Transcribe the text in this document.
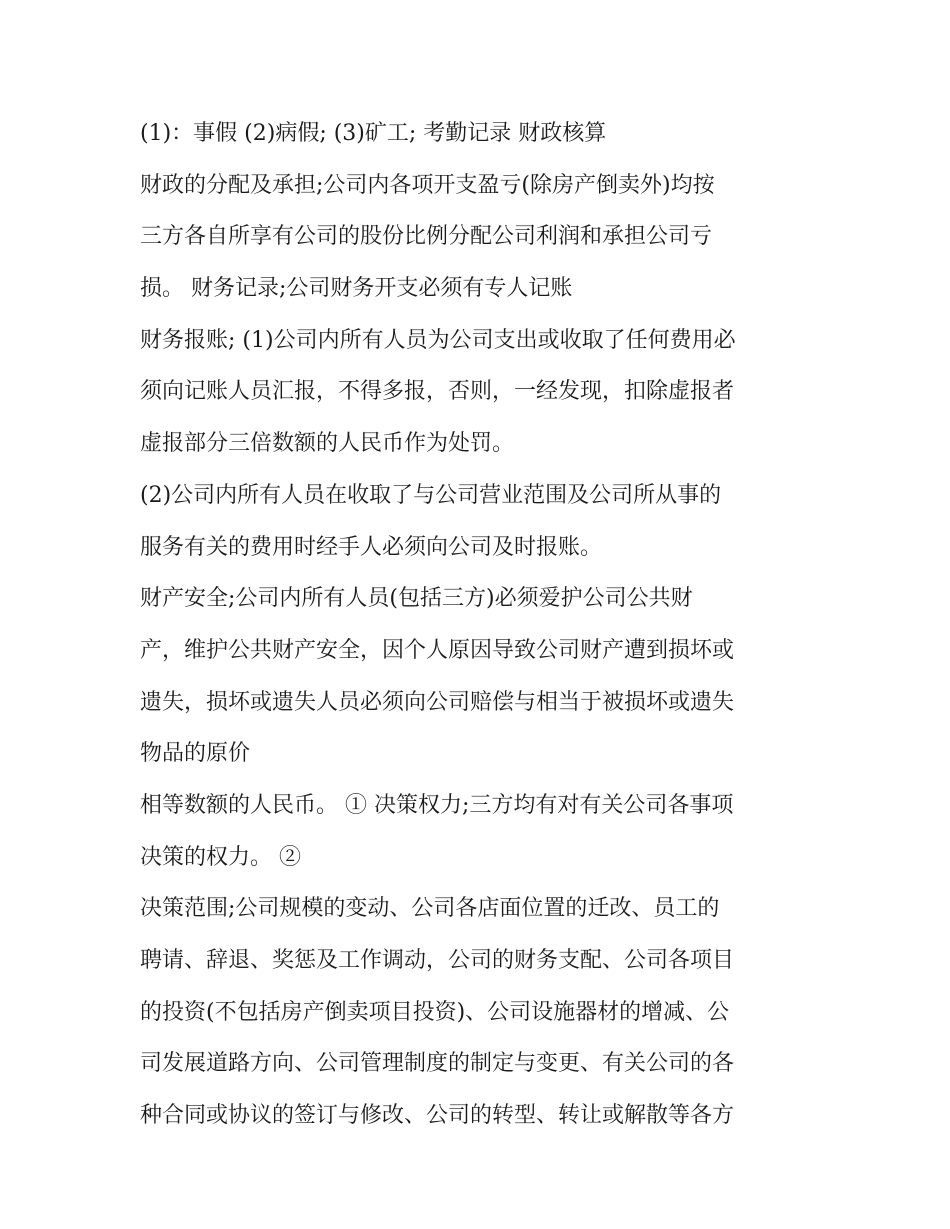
(1)：事假 (2)病假; (3)矿工; 考勤记录 财政核算
财政的分配及承担;公司内各项开支盈亏(除房产倒卖外)均按
三方各自所享有公司的股份比例分配公司利润和承担公司亏
损。 财务记录;公司财务开支必须有专人记账
财务报账; (1)公司内所有人员为公司支出或收取了任何费用必
须向记账人员汇报，不得多报，否则，一经发现，扣除虚报者
虚报部分三倍数额的人民币作为处罚。
(2)公司内所有人员在收取了与公司营业范围及公司所从事的
服务有关的费用时经手人必须向公司及时报账。
财产安全;公司内所有人员(包括三方)必须爱护公司公共财
产，维护公共财产安全，因个人原因导致公司财产遭到损坏或
遗失，损坏或遗失人员必须向公司赔偿与相当于被损坏或遗失
物品的原价
相等数额的人民币。 ① 决策权力;三方均有对有关公司各事项
决策的权力。 ②
决策范围;公司规模的变动、公司各店面位置的迁改、员工的
聘请、辞退、奖惩及工作调动，公司的财务支配、公司各项目
的投资(不包括房产倒卖项目投资)、公司设施器材的增减、公
司发展道路方向、公司管理制度的制定与变更、有关公司的各
种合同或协议的签订与修改、公司的转型、转让或解散等各方
